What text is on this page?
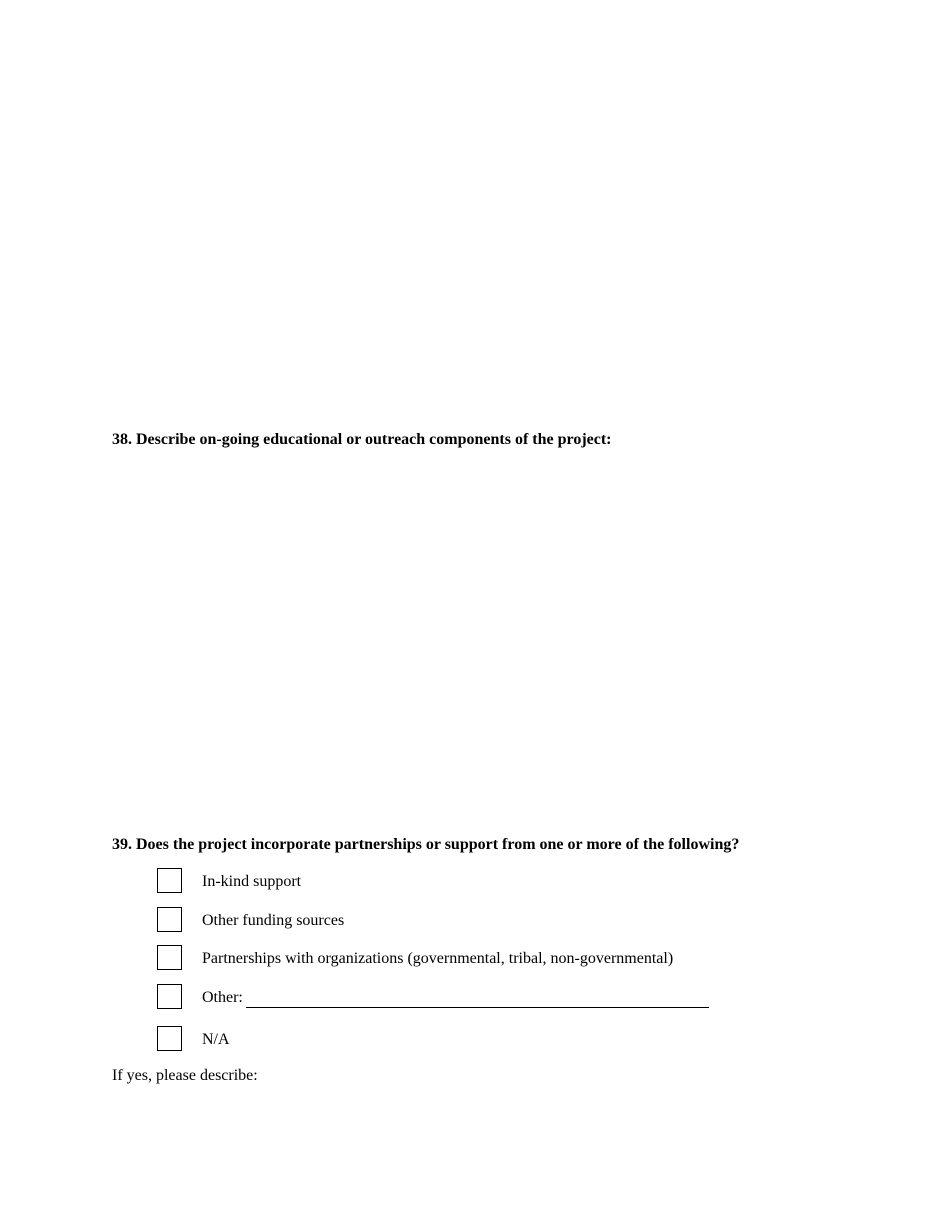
38. Describe on-going educational or outreach components of the project:

39. Does the project incorporate partnerships or support from one or more of the following?

In-kind support
Other funding sources
Partnerships with organizations (governmental, tribal, non-governmental)
Other:
N/A

If yes, please describe:
